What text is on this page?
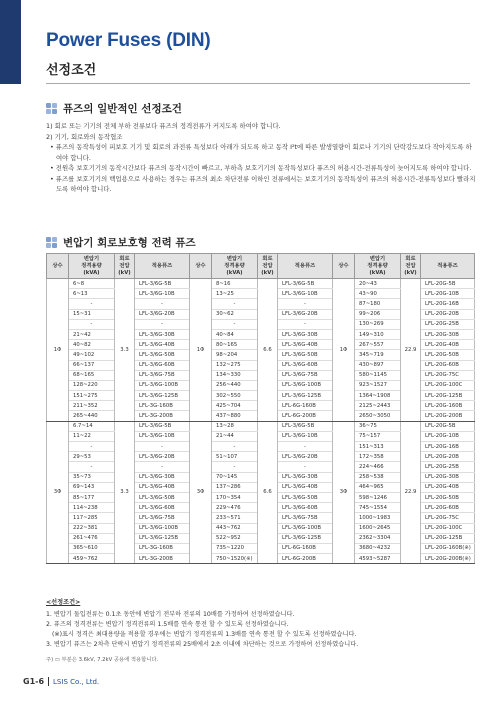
Power Fuses (DIN)
선정조건
퓨즈의 일반적인 선정조건

1) 회로 또는 기기의 전체 부하 전류보다 퓨즈의 정격전류가 커지도록 하여야 합니다.

2) 기기, 회로와의 동작협조

• 퓨즈의 동작특성이 피보호 기기 및 회로의 과전류 특성보다 아래가 되도록 하고 동작 I²t에 따른 발생열량이 회로나 기기의 단락강도보다 작아지도록 하여야 합니다.

• 전원측 보호기기의 동작시간보다 퓨즈의 동작시간이 빠르고, 부하측 보호기기의 동작특성보다 퓨즈의 허용시간-전류특성이 늦어지도록 하여야 합니다.

• 퓨즈를 보호기기의 백업용으로 사용하는 경우는 퓨즈의 최소 차단전류 이하인 전류에서는 보호기기의 동작특성이 퓨즈의 허용시간-전류특성보다 빨라지도록 하여야 합니다.

변압기 회로보호형 전력 퓨즈
상수	변압기
정격용량
(kVA)	회로
전압
(kV)	적용퓨즈	상수	변압기
정격용량
(kVA)	회로
전압
(kV)	적용퓨즈	상수	변압기
정격용량
(kVA)	회로
전압
(kV)	적용퓨즈
1Φ	6~8	3.3	LFL-3/6G-5B	1Φ	8~16	6.6	LFL-3/6G-5B	1Φ	20~43	22.9	LFL-20G-5B
	6~13		LFL-3/6G-10B		13~25		LFL-3/6G-10B		43~90		LFL-20G-10B
	-		-		-		-		87~180		LFL-20G-16B
	15~31		LFL-3/6G-20B		30~62		LFL-3/6G-20B		99~206		LFL-20G-20B
	-		-		-		-		130~269		LFL-20G-25B
	21~42		LFL-3/6G-30B		40~84		LFL-3/6G-30B		149~310		LFL-20G-30B
	40~82		LFL-3/6G-40B		80~165		LFL-3/6G-40B		267~557		LFL-20G-40B
	49~102		LFL-3/6G-50B		98~204		LFL-3/6G-50B		345~719		LFL-20G-50B
	66~137		LFL-3/6G-60B		132~275		LFL-3/6G-60B		430~897		LFL-20G-60B
	68~165		LFL-3/6G-75B		134~330		LFL-3/6G-75B		580~1145		LFL-20G-75C
	128~220		LFL-3/6G-100B		256~440		LFL-3/6G-100B		923~1527		LFL-20G-100C
	151~275		LFL-3/6G-125B		302~550		LFL-3/6G-125B		1364~1908		LFL-20G-125B
	211~352		LFL-3G-160B		425~704		LFL-6G-160B		2125~2443		LFL-20G-160B
	265~440		LFL-3G-200B		437~880		LFL-6G-200B		2650~3050		LFL-20G-200B
3Φ	6.7~14	3.3	LFL-3/6G-5B	3Φ	13~28	6.6	LFL-3/6G-5B	3Φ	36~75	22.9	LFL-20G-5B
	11~22		LFL-3/6G-10B		21~44		LFL-3/6G-10B		75~157		LFL-20G-10B
	-		-		-		-		151~313		LFL-20G-16B
	29~53		LFL-3/6G-20B		51~107		LFL-3/6G-20B		172~358		LFL-20G-20B
	-		-		-		-		224~466		LFL-20G-25B
	35~73		LFL-3/6G-30B		70~145		LFL-3/6G-30B		258~538		LFL-20G-30B
	69~143		LFL-3/6G-40B		137~286		LFL-3/6G-40B		464~965		LFL-20G-40B
	85~177		LFL-3/6G-50B		170~354		LFL-3/6G-50B		598~1246		LFL-20G-50B
	114~238		LFL-3/6G-60B		229~476		LFL-3/6G-60B		745~1554		LFL-20G-60B
	117~285		LFL-3/6G-75B		233~571		LFL-3/6G-75B		1000~1983		LFL-20G-75C
	222~381		LFL-3/6G-100B		443~762		LFL-3/6G-100B		1600~2645		LFL-20G-100C
	261~476		LFL-3/6G-125B		522~952		LFL-3/6G-125B		2362~3304		LFL-20G-125B
	365~610		LFL-3G-160B		735~1220		LFL-6G-160B		3680~4232		LFL-20G-160B(※)
	459~762		LFL-3G-200B		750~1520(※)		LFL-6G-200B		4593~5287		LFL-20G-200B(※)

<선정조건>

1. 변압기 돌입전류는 0.1초 동안에 변압기 전부하 전류의 10배를 가정하여 선정하였습니다.

2. 퓨즈의 정격전류는 변압기 정격전류의 1.5배를 연속 통전 할 수 있도록 선정하였습니다.

(※)표시 정격은 최대용량을 적용할 경우에는 변압기 정격전류의 1.3배를 연속 통전 할 수 있도록 선정하였습니다.

3. 변압기 퓨즈는 2차측 단락시 변압기 정격전류의 25배에서 2초 이내에 차단하는 것으로 가정하여 선정하였습니다.

주) ▭ 부분은 3.6kV, 7.2kV 공용에 적용합니다.
G1-6 LSIS Co., Ltd.
